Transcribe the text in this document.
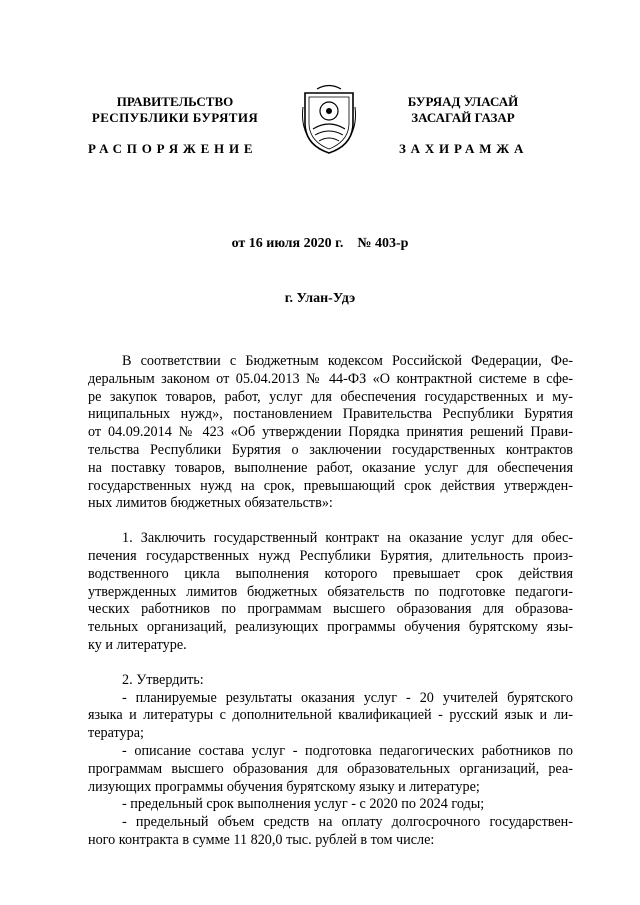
ПРАВИТЕЛЬСТВО
РЕСПУБЛИКИ БУРЯТИЯ
БУРЯАД УЛАСАЙ
ЗАСАГАЙ ГАЗАР
РАСПОРЯЖЕНИЕ	ЗАХИРАМЖА
от 16 июля 2020 г. № 403-р
г. Улан-Удэ
В соответствии с Бюджетным кодексом Российской Федерации, Фе-
деральным законом от 05.04.2013 № 44-ФЗ «О контрактной системе в сфе-
ре закупок товаров, работ, услуг для обеспечения государственных и му-
ниципальных нужд», постановлением Правительства Республики Бурятия
от 04.09.2014 № 423 «Об утверждении Порядка принятия решений Прави-
тельства Республики Бурятия о заключении государственных контрактов
на поставку товаров, выполнение работ, оказание услуг для обеспечения
государственных нужд на срок, превышающий срок действия утвержден-
ных лимитов бюджетных обязательств»:
1. Заключить государственный контракт на оказание услуг для обес-
печения государственных нужд Республики Бурятия, длительность произ-
водственного цикла выполнения которого превышает срок действия
утвержденных лимитов бюджетных обязательств по подготовке педагоги-
ческих работников по программам высшего образования для образова-
тельных организаций, реализующих программы обучения бурятскому язы-
ку и литературе.
2. Утвердить:
- планируемые результаты оказания услуг - 20 учителей бурятского
языка и литературы с дополнительной квалификацией - русский язык и ли-
тература;
- описание состава услуг - подготовка педагогических работников по
программам высшего образования для образовательных организаций, реа-
лизующих программы обучения бурятскому языку и литературе;
- предельный срок выполнения услуг - с 2020 по 2024 годы;
- предельный объем средств на оплату долгосрочного государствен-
ного контракта в сумме 11 820,0 тыс. рублей в том числе:
